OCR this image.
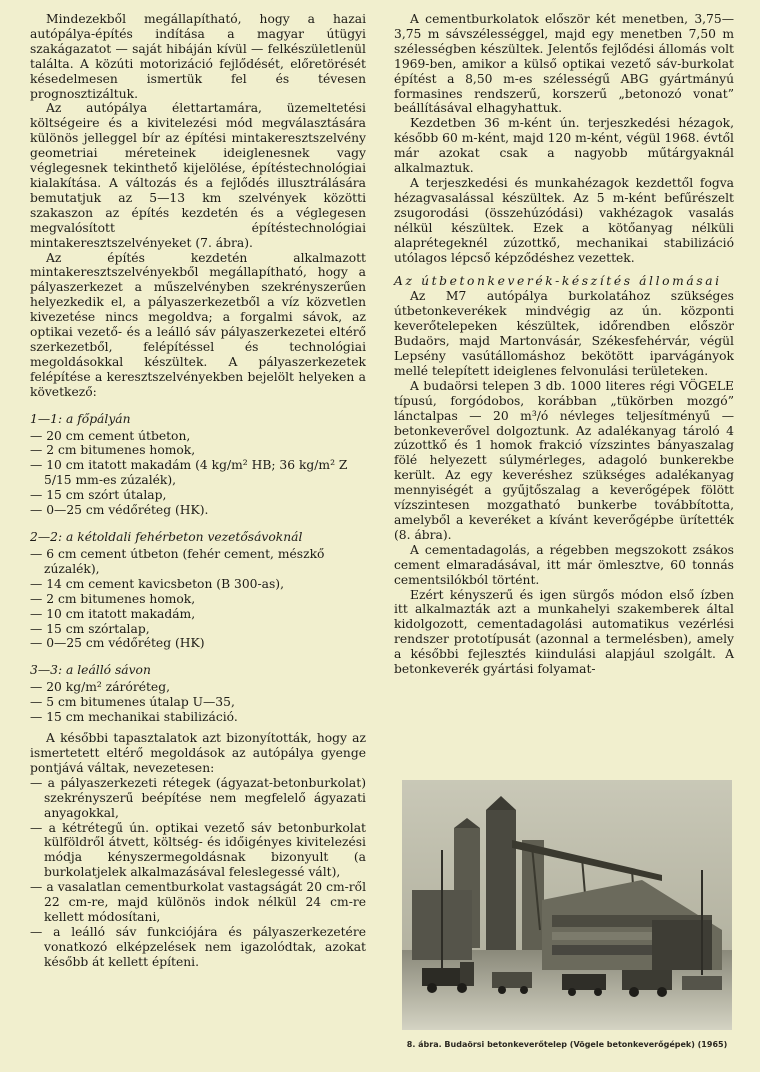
Mindezekből megállapítható, hogy a hazai autópálya-építés indítása a magyar útügyi szakágazatot — saját hibáján kívül — felkészületlenül találta. A közúti motorizáció fejlődését, előretörését késedelmesen ismertük fel és tévesen prognosztizáltuk.

Az autópálya élettartamára, üzemeltetési költségeire és a kivitelezési mód megválasztására különös jelleggel bír az építési mintakeresztszelvény geometriai méreteinek ideiglenesnek vagy véglegesnek tekinthető kijelölése, építéstechnológiai kialakítása. A változás és a fejlődés illusztrálására bemutatjuk az 5—13 km szelvények közötti szakaszon az építés kezdetén és a véglegesen megvalósított építéstechnológiai mintakeresztszelvényeket (7. ábra).

Az építés kezdetén alkalmazott mintakeresztszelvényekből megállapítható, hogy a pályaszerkezet a műszelvényben szekrényszerűen helyezkedik el, a pályaszerkezetből a víz közvetlen kivezetése nincs megoldva; a forgalmi sávok, az optikai vezető- és a leálló sáv pályaszerkezetei eltérő szerkezetből, felépítéssel és technológiai megoldásokkal készültek. A pályaszerkezetek felépítése a keresztszelvényekben bejelölt helyeken a következő:

1—1: a főpályán
— 20 cm cement útbeton,
— 2 cm bitumenes homok,
— 10 cm itatott makadám (4 kg/m² HB; 36 kg/m² Z 5/15 mm-es zúzalék),
— 15 cm szórt útalap,
— 0—25 cm védőréteg (HK).
2—2: a kétoldali fehérbeton vezetősávoknál
— 6 cm cement útbeton (fehér cement, mészkő zúzalék),
— 14 cm cement kavicsbeton (B 300-as),
— 2 cm bitumenes homok,
— 10 cm itatott makadám,
— 15 cm szórtalap,
— 0—25 cm védőréteg (HK)
3—3: a leálló sávon
— 20 kg/m² záróréteg,
— 5 cm bitumenes útalap U—35,
— 15 cm mechanikai stabilizáció.

A későbbi tapasztalatok azt bizonyították, hogy az ismertetett eltérő megoldások az autópálya gyenge pontjává váltak, nevezetesen:

— a pályaszerkezeti rétegek (ágyazat-betonburkolat) szekrényszerű beépítése nem megfelelő ágyazati anyagokkal,
— a kétrétegű ún. optikai vezető sáv betonburkolat külföldről átvett, költség- és időigényes kivitelezési módja kényszermegoldásnak bizonyult (a burkolatjelek alkalmazásával feleslegessé vált),
— a vasalatlan cementburkolat vastagságát 20 cm-ről 22 cm-re, majd különös indok nélkül 24 cm-re kellett módosítani,
— a leálló sáv funkciójára és pályaszerkezetére vonatkozó elképzelések nem igazolódtak, azokat később át kellett építeni.

A cementburkolatok először két menetben, 3,75—3,75 m sávszélességgel, majd egy menetben 7,50 m szélességben készültek. Jelentős fejlődési állomás volt 1969-ben, amikor a külső optikai vezető sáv-burkolat építést a 8,50 m-es szélességű ABG gyártmányú formasines rendszerű, korszerű „betonozó vonat” beállításával elhagyhattuk.

Kezdetben 36 m-ként ún. terjeszkedési hézagok, később 60 m-ként, majd 120 m-ként, végül 1968. évtől már azokat csak a nagyobb műtárgyaknál alkalmaztuk.

A terjeszkedési és munkahézagok kezdettől fogva hézagvasalással készültek. Az 5 m-ként befűrészelt zsugorodási (összehúzódási) vakhézagok vasalás nélkül készültek. Ezek a kötőanyag nélküli alaprétegeknél zúzottkő, mechanikai stabilizáció utólagos lépcső képződéshez vezettek.

Az útbetonkeverék-készítés állomásai

Az M7 autópálya burkolatához szükséges útbetonkeverékek mindvégig az ún. központi keverőtelepeken készültek, időrendben először Budaörs, majd Martonvásár, Székesfehérvár, végül Lepsény vasútállomáshoz bekötött iparvágányok mellé telepített ideiglenes felvonulási területeken.

A budaörsi telepen 3 db. 1000 literes régi VÖGELE típusú, forgódobos, korábban „tükörben mozgó” lánctalpas — 20 m³/ó névleges teljesítményű — betonkeverővel dolgoztunk. Az adalékanyag tároló 4 zúzottkő és 1 homok frakció vízszintes bányaszalag fölé helyezett súlymérleges, adagoló bunkerekbe került. Az egy keveréshez szükséges adalékanyag mennyiségét a gyűjtőszalag a keverőgépek fölött vízszintesen mozgatható bunkerbe továbbította, amelyből a keveréket a kívánt keverőgépbe ürítették (8. ábra).

A cementadagolás, a régebben megszokott zsákos cement elmaradásával, itt már ömlesztve, 60 tonnás cementsilókból történt.

Ezért kényszerű és igen sürgős módon első ízben itt alkalmazták azt a munkahelyi szakemberek által kidolgozott, cementadagolási automatikus vezérlési rendszer prototípusát (azonnal a termelésben), amely a későbbi fejlesztés kiindulási alapjául szolgált. A betonkeverék gyártási folyamat-

8. ábra. Budaörsi betonkeverőtelep (Vögele betonkeverőgépek) (1965)
